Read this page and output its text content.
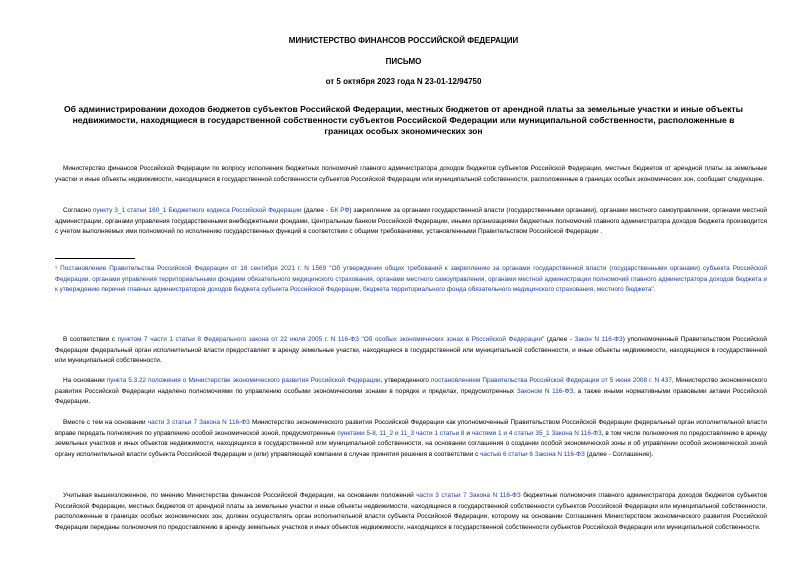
МИНИСТЕРСТВО ФИНАНСОВ РОССИЙСКОЙ ФЕДЕРАЦИИ
ПИСЬМО
от 5 октября 2023 года N 23-01-12/94750
Об администрировании доходов бюджетов субъектов Российской Федерации, местных бюджетов от арендной платы за земельные участки и иные объекты недвижимости, находящиеся в государственной собственности субъектов Российской Федерации или муниципальной собственности, расположенные в границах особых экономических зон
Министерство финансов Российской Федерации по вопросу исполнения бюджетных полномочий главного администратора доходов бюджетов субъектов Российской Федерации, местных бюджетов от арендной платы за земельные участки и иные объекты недвижимости, находящиеся в государственной собственности субъектов Российской Федерации или муниципальной собственности, расположенные в границах особых экономических зон, сообщает следующее.
Согласно пункту 3_1 статьи 160_1 Бюджетного кодекса Российской Федерации (далее - БК РФ) закрепление за органами государственной власти (государственными органами), органами местного самоуправления, органами местной администрации, органами управления государственными внебюджетными фондами, Центральным банком Российской Федерации, иными организациями бюджетных полномочий главного администратора доходов бюджета производится с учетом выполняемых ими полномочий по исполнению государственных функций в соответствии с общими требованиями, установленными Правительством Российской Федерации .
¹ Постановление Правительства Российской Федерации от 16 сентября 2021 г. N 1569 "Об утверждении общих требований к закреплению за органами государственной власти (государственными органами) субъекта Российской Федерации, органами управления территориальными фондами обязательного медицинского страхования, органами местного самоуправления, органами местной администрации полномочий главного администратора доходов бюджета и к утверждению перечня главных администраторов доходов бюджета субъекта Российской Федерации, бюджета территориального фонда обязательного медицинского страхования, местного бюджета".
В соответствии с пунктом 7 части 1 статьи 8 Федерального закона от 22 июля 2005 г. N 116-ФЗ "Об особых экономических зонах в Российской Федерации" (далее - Закон N 116-ФЗ) уполномоченный Правительством Российской Федерации федеральный орган исполнительной власти предоставляет в аренду земельные участки, находящиеся в государственной или муниципальной собственности, и иные объекты недвижимости, находящиеся в государственной или муниципальной собственности.
На основании пункта 5.3.22 положения о Министерстве экономического развития Российской Федерации, утвержденного постановлением Правительства Российской Федерации от 5 июня 2008 г. N 437, Министерство экономического развития Российской Федерации наделено полномочиями по управлению особыми экономическими зонами в порядке и пределах, предусмотренных Законом N 116-ФЗ, а также иными нормативными правовыми актами Российской Федерации.
Вместе с тем на основании части 3 статьи 7 Закона N 116-ФЗ Министерство экономического развития Российской Федерации как уполномоченный Правительством Российской Федерации федеральный орган исполнительной власти вправе передать полномочия по управлению особой экономической зоной, предусмотренные пунктами 5-8, 11_2 и 11_3 части 1 статьи 8 и частями 1 и 4 статьи 35_1 Закона N 116-ФЗ, в том числе полномочия по предоставлению в аренду земельных участков и иных объектов недвижимости, находящихся в государственной или муниципальной собственности, на основании соглашения о создании особой экономической зоны и об управлении особой экономической зоной органу исполнительной власти субъекта Российской Федерации и (или) управляющей компании в случае принятия решения в соответствии с частью 6 статьи 6 Закона N 116-ФЗ (далее - Соглашение).
Учитывая вышеизложенное, по мнению Министерства финансов Российской Федерации, на основании положений части 3 статьи 7 Закона N 116-ФЗ бюджетные полномочия главного администратора доходов бюджетов субъектов Российской Федерации, местных бюджетов от арендной платы за земельные участки и иные объекты недвижимости, находящиеся в государственной собственности субъектов Российской Федерации или муниципальной собственности, расположенные в границах особых экономических зон, должен осуществлять орган исполнительной власти субъекта Российской Федерации, которому на основании Соглашения Министерством экономического развития Российской Федерации переданы полномочия по предоставлению в аренду земельных участков и иных объектов недвижимости, находящихся в государственной собственности субъектов Российской Федерации или муниципальной собственности.
